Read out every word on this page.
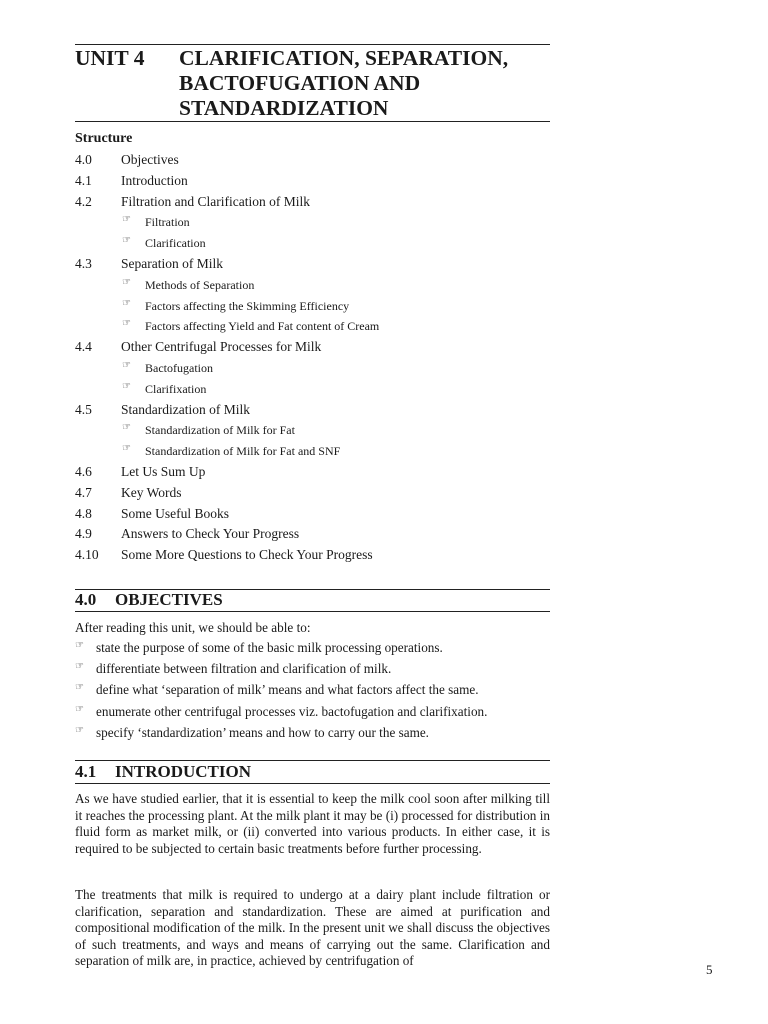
UNIT 4 CLARIFICATION, SEPARATION,
BACTOFUGATION AND
STANDARDIZATION
Structure
4.0 Objectives
4.1 Introduction
4.2 Filtration and Clarification of Milk
☞ Filtration
☞ Clarification
4.3 Separation of Milk
☞ Methods of Separation
☞ Factors affecting the Skimming Efficiency
☞ Factors affecting Yield and Fat content of Cream
4.4 Other Centrifugal Processes for Milk
☞ Bactofugation
☞ Clarifixation
4.5 Standardization of Milk
☞ Standardization of Milk for Fat
☞ Standardization of Milk for Fat and SNF
4.6 Let Us Sum Up
4.7 Key Words
4.8 Some Useful Books
4.9 Answers to Check Your Progress
4.10 Some More Questions to Check Your Progress
4.0 OBJECTIVES
After reading this unit, we should be able to:
☞ state the purpose of some of the basic milk processing operations.
☞ differentiate between filtration and clarification of milk.
☞ define what ‘separation of milk’ means and what factors affect the same.
☞ enumerate other centrifugal processes viz. bactofugation and clarifixation.
☞ specify ‘standardization’ means and how to carry our the same.
4.1 INTRODUCTION
As we have studied earlier, that it is essential to keep the milk cool soon after milking till it reaches the processing plant. At the milk plant it may be (i) processed for distribution in fluid form as market milk, or (ii) converted into various products. In either case, it is required to be subjected to certain basic treatments before further processing.
The treatments that milk is required to undergo at a dairy plant include filtration or clarification, separation and standardization. These are aimed at purification and compositional modification of the milk. In the present unit we shall discuss the objectives of such treatments, and ways and means of carrying out the same. Clarification and separation of milk are, in practice, achieved by centrifugation of
5
